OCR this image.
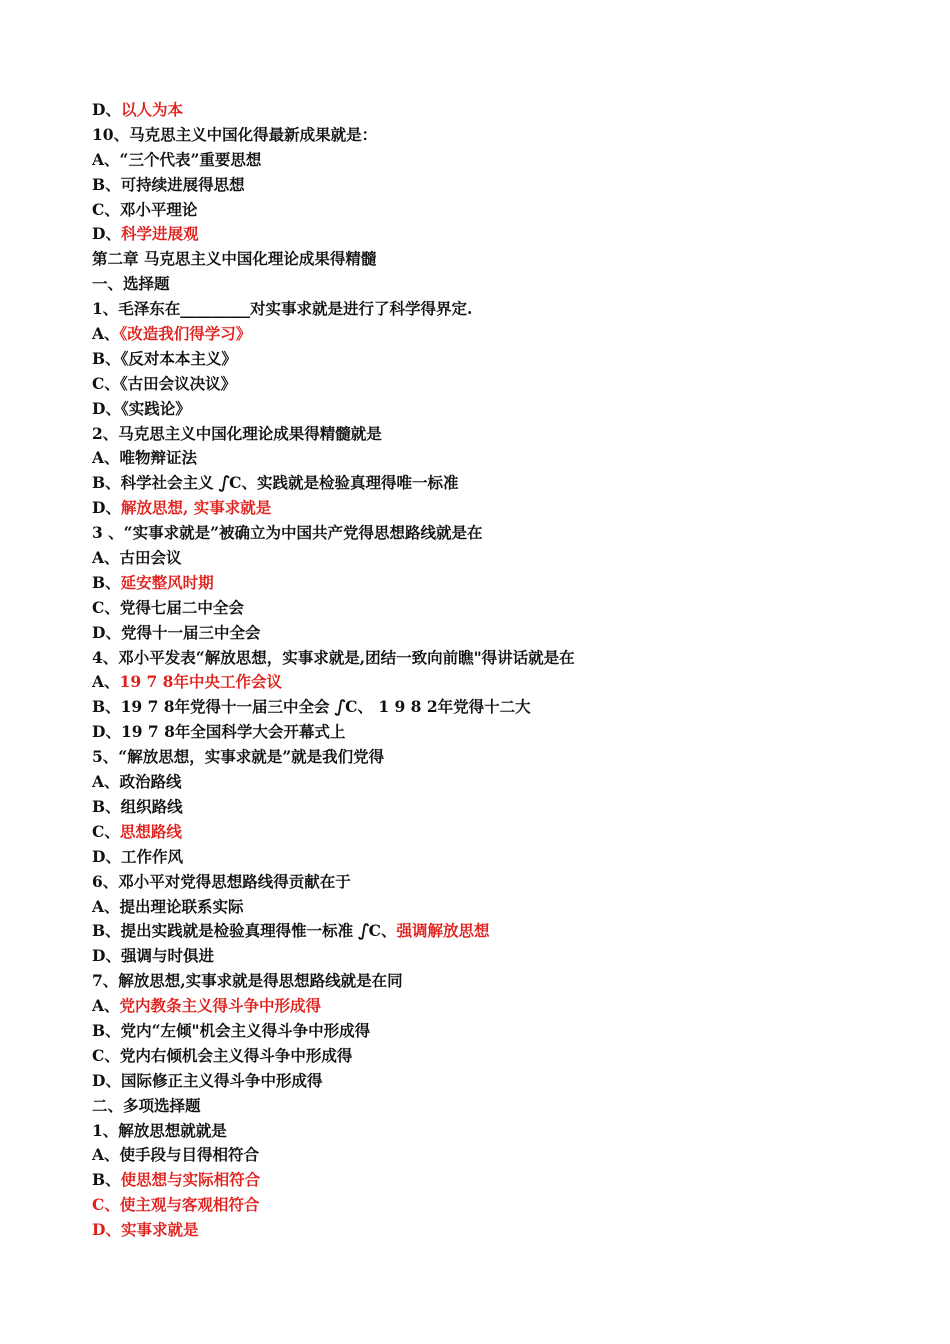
D、以人为本
10、马克思主义中国化得最新成果就是：
A、“三个代表”重要思想
B、可持续进展得思想
C、邓小平理论
D、科学进展观
第二章 马克思主义中国化理论成果得精髓
一、选择题
1、毛泽东在_________对实事求就是进行了科学得界定.
A、《改造我们得学习》
B、《反对本本主义》
C、《古田会议决议》
D、《实践论》
2、马克思主义中国化理论成果得精髓就是
A、唯物辩证法
B、科学社会主义 ഽC、实践就是检验真理得唯一标准
D、解放思想, 实事求就是
3 、“实事求就是”被确立为中国共产党得思想路线就是在
A、古田会议
B、延安整风时期
C、党得七届二中全会
D、党得十一届三中全会
4、邓小平发表“解放思想，实事求就是,团结一致向前瞧"得讲话就是在
A、19 7 8年中央工作会议
B、19 7 8年党得十一届三中全会 ഽC、 1 9 8 2年党得十二大
D、19 7 8年全国科学大会开幕式上
5、“解放思想，实事求就是”就是我们党得
A、政治路线
B、组织路线
C、思想路线
D、工作作风
6、邓小平对党得思想路线得贡献在于
A、提出理论联系实际
B、提出实践就是检验真理得惟一标准 ഽC、强调解放思想
D、强调与时俱进
7、解放思想,实事求就是得思想路线就是在同
A、党内教条主义得斗争中形成得
B、党内“左倾"机会主义得斗争中形成得
C、党内右倾机会主义得斗争中形成得
D、国际修正主义得斗争中形成得
二、多项选择题
1、解放思想就就是
A、使手段与目得相符合
B、使思想与实际相符合
C、使主观与客观相符合
D、实事求就是
